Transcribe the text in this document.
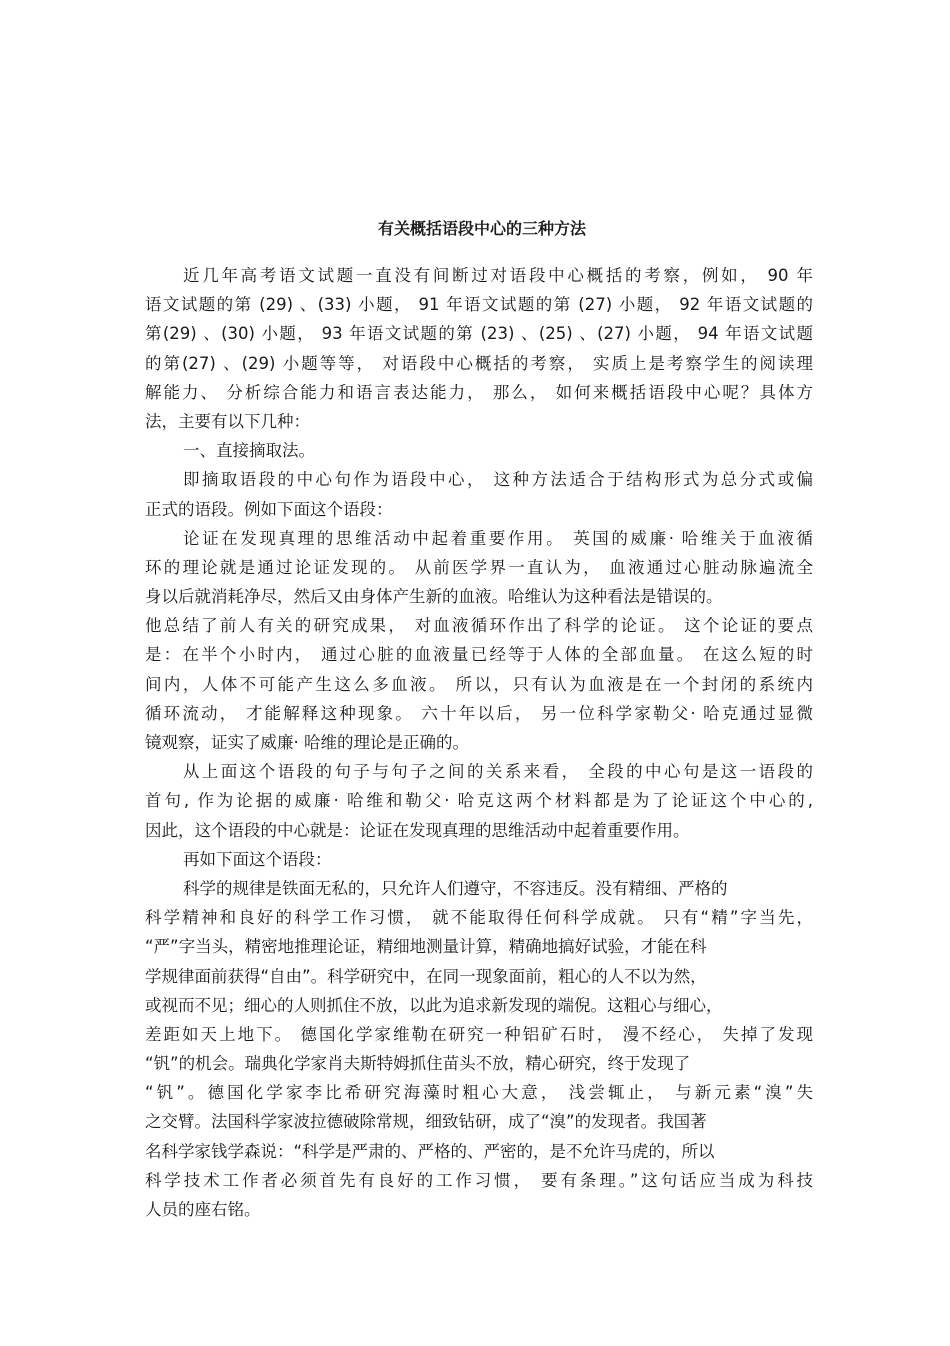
有关概括语段中心的三种方法
近几年高考语文试题一直没有间断过对语段中心概括的考察，例如， 90 年
语文试题的第 (29) 、(33) 小题， 91 年语文试题的第 (27) 小题， 92 年语文试题的
第(29) 、(30) 小题， 93 年语文试题的第 (23) 、(25) 、(27) 小题， 94 年语文试题
的第(27) 、(29) 小题等等， 对语段中心概括的考察， 实质上是考察学生的阅读理
解能力、 分析综合能力和语言表达能力， 那么， 如何来概括语段中心呢？具体方
法，主要有以下几种：
一、直接摘取法。
即摘取语段的中心句作为语段中心， 这种方法适合于结构形式为总分式或偏
正式的语段。例如下面这个语段：
论证在发现真理的思维活动中起着重要作用。 英国的威廉· 哈维关于血液循
环的理论就是通过论证发现的。 从前医学界一直认为， 血液通过心脏动脉遍流全
身以后就消耗净尽，然后又由身体产生新的血液。哈维认为这种看法是错误的。
他总结了前人有关的研究成果， 对血液循环作出了科学的论证。 这个论证的要点
是：在半个小时内， 通过心脏的血液量已经等于人体的全部血量。 在这么短的时
间内，人体不可能产生这么多血液。 所以，只有认为血液是在一个封闭的系统内
循环流动， 才能解释这种现象。 六十年以后， 另一位科学家勒父· 哈克通过显微
镜观察，证实了威廉· 哈维的理论是正确的。
从上面这个语段的句子与句子之间的关系来看， 全段的中心句是这一语段的
首句, 作为论据的威廉· 哈维和勒父· 哈克这两个材料都是为了论证这个中心的,
因此，这个语段的中心就是：论证在发现真理的思维活动中起着重要作用。
再如下面这个语段：
科学的规律是铁面无私的，只允许人们遵守，不容违反。没有精细、严格的
科学精神和良好的科学工作习惯， 就不能取得任何科学成就。 只有“精”字当先，
“严”字当头，精密地推理论证，精细地测量计算，精确地搞好试验，才能在科
学规律面前获得“自由”。科学研究中，在同一现象面前，粗心的人不以为然，
或视而不见；细心的人则抓住不放，以此为追求新发现的端倪。这粗心与细心，
差距如天上地下。 德国化学家维勒在研究一种铝矿石时， 漫不经心， 失掉了发现
“钒”的机会。瑞典化学家肖夫斯特姆抓住苗头不放，精心研究，终于发现了
“钒”。德国化学家李比希研究海藻时粗心大意， 浅尝辄止， 与新元素“溴”失
之交臂。法国科学家波拉德破除常规，细致钻研，成了“溴”的发现者。我国著
名科学家钱学森说：“科学是严肃的、严格的、严密的，是不允许马虎的，所以
科学技术工作者必须首先有良好的工作习惯， 要有条理。”这句话应当成为科技
人员的座右铭。
